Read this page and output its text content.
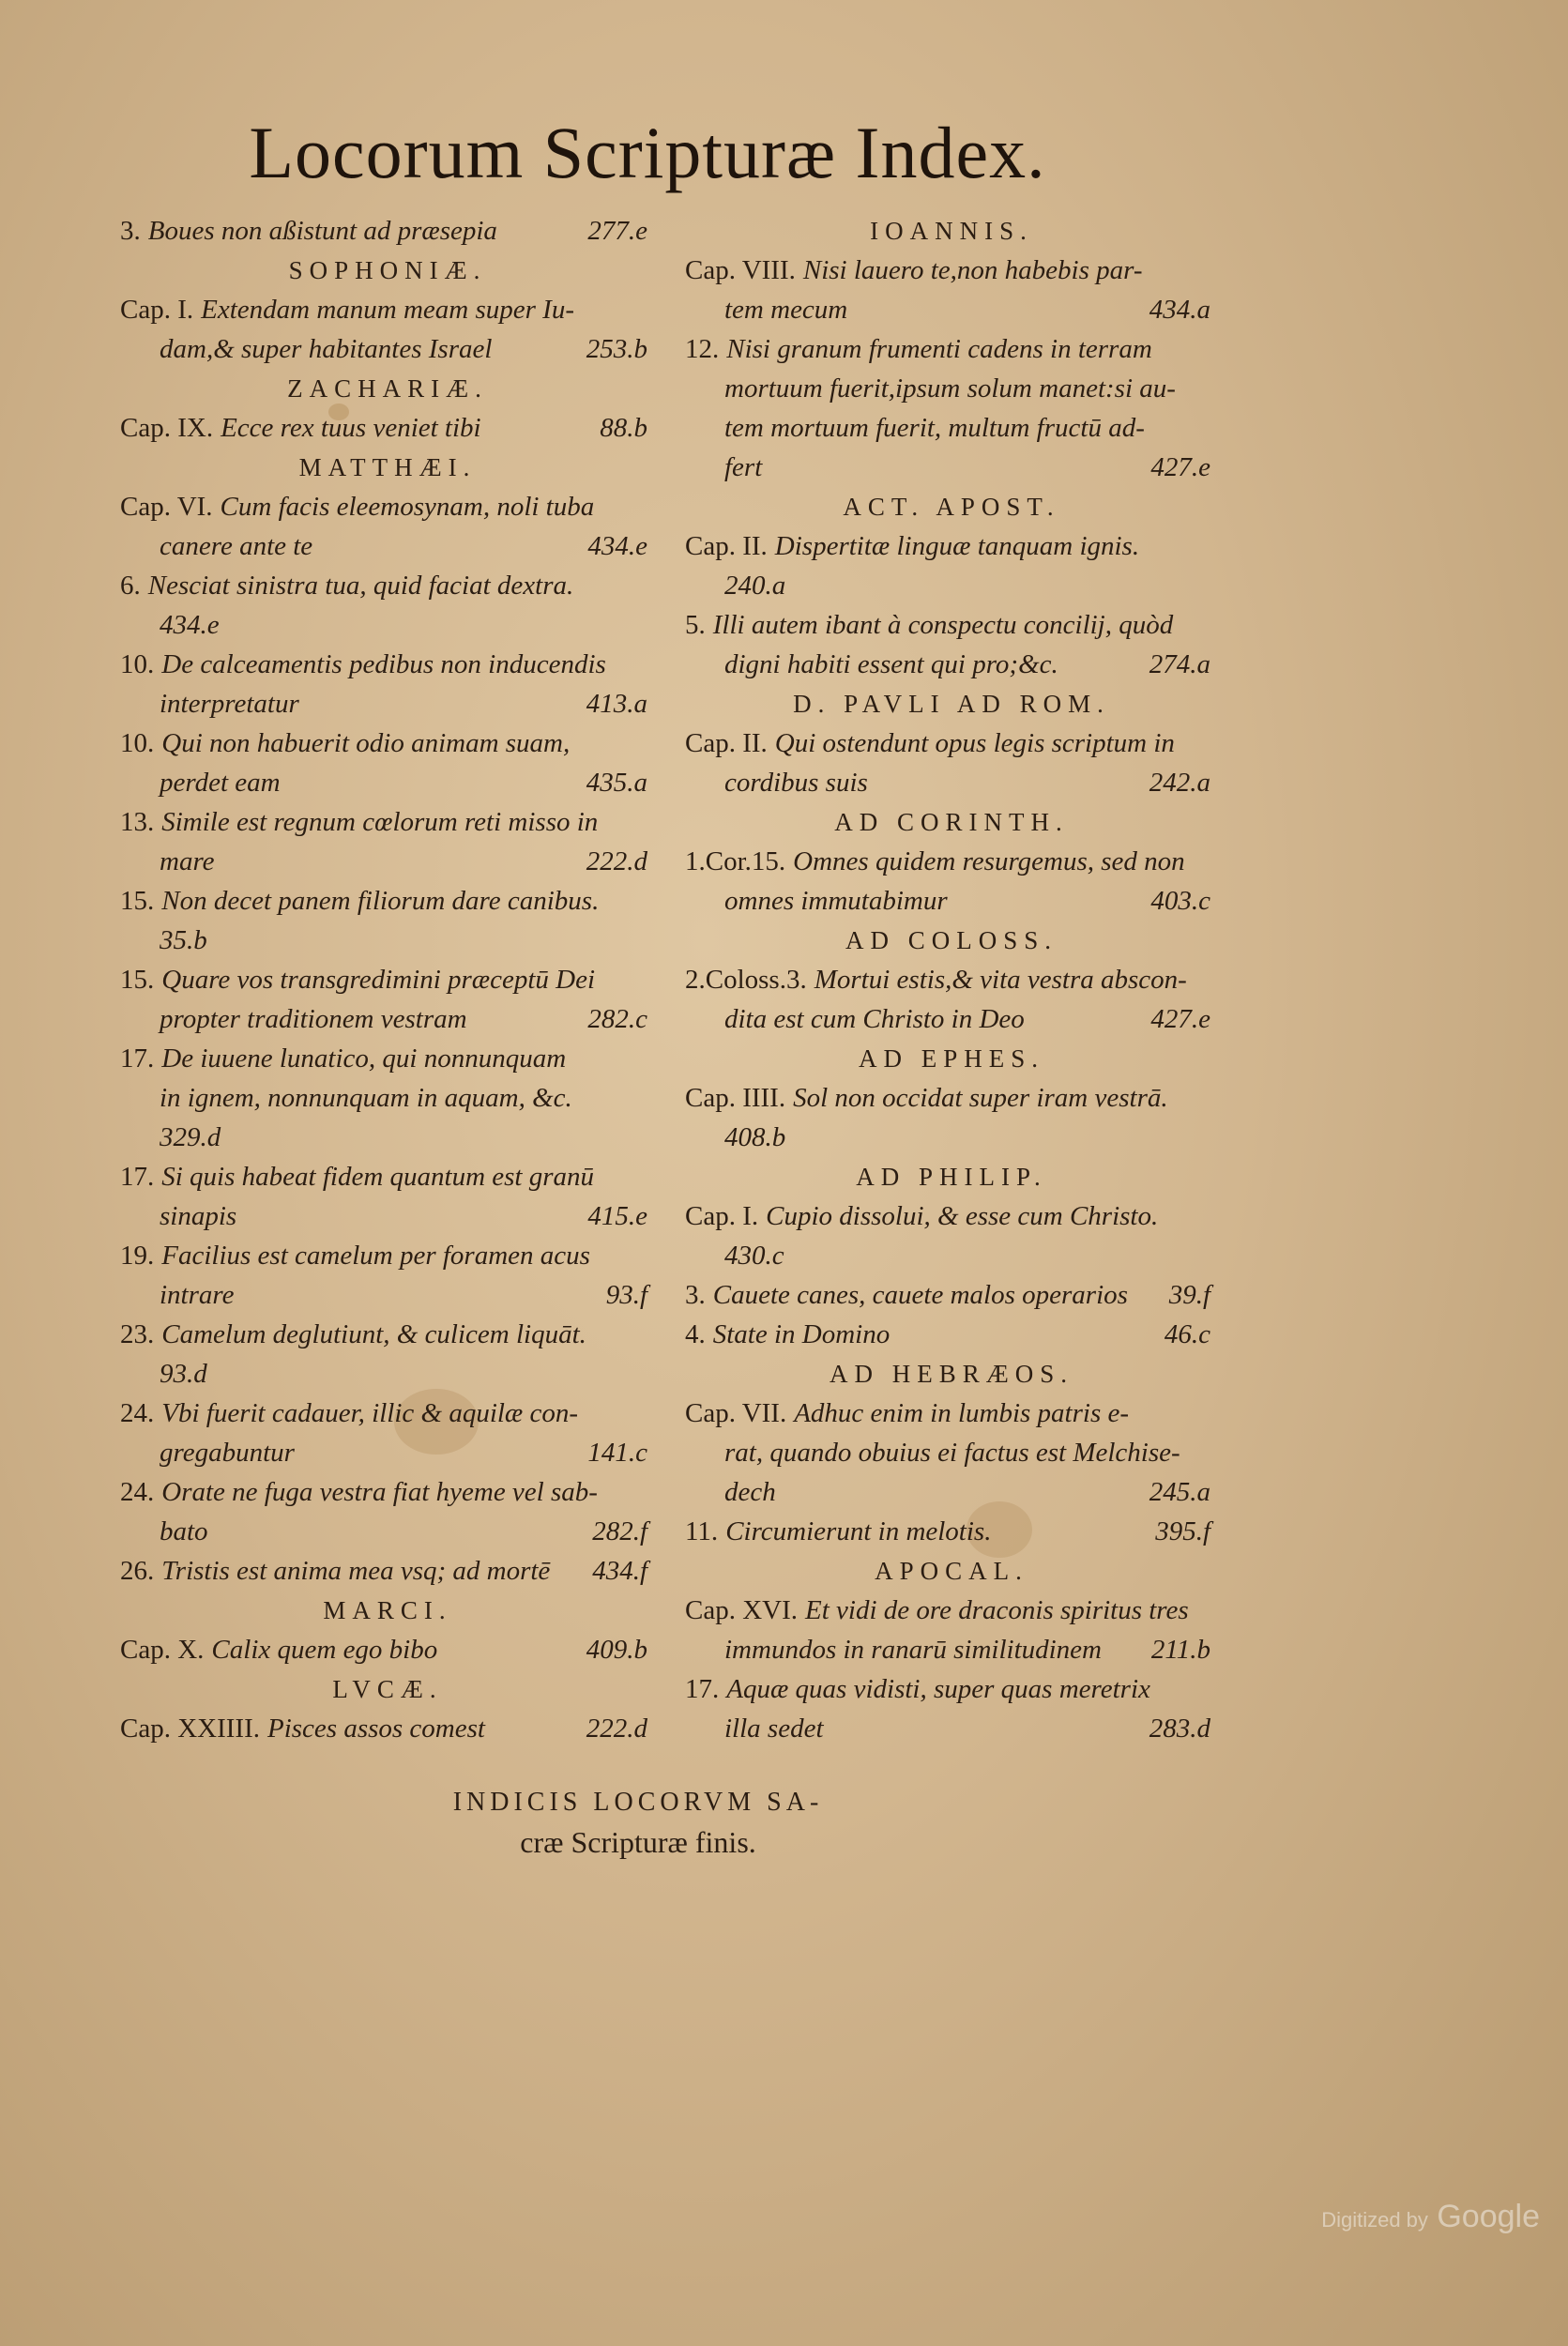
Locorum Scripturæ Index.
3. Boues non aßistunt ad præsepia	277.e
SOPHONIÆ.
Cap. I. Extendam manum meam super Iu-
dam,& super habitantes Israel	253.b
ZACHARIÆ.
Cap. IX. Ecce rex tuus veniet tibi	88.b
MATTHÆI.
Cap. VI. Cum facis eleemosynam, noli tuba
canere ante te	434.e
6. Nesciat sinistra tua, quid faciat dextra.
434.e
10. De calceamentis pedibus non inducendis
interpretatur	413.a
10. Qui non habuerit odio animam suam,
perdet eam	435.a
13. Simile est regnum cœlorum reti misso in
mare	222.d
15. Non decet panem filiorum dare canibus.
35.b
15. Quare vos transgredimini præceptū Dei
propter traditionem vestram	282.c
17. De iuuene lunatico, qui nonnunquam
in ignem, nonnunquam in aquam, &c.
329.d
17. Si quis habeat fidem quantum est granū
sinapis	415.e
19. Facilius est camelum per foramen acus
intrare	93.f
23. Camelum deglutiunt, & culicem liquāt.
93.d
24. Vbi fuerit cadauer, illic & aquilæ con-
gregabuntur	141.c
24. Orate ne fuga vestra fiat hyeme vel sab-
bato	282.f
26. Tristis est anima mea vsq; ad mortē	434.f
MARCI.
Cap. X. Calix quem ego bibo	409.b
LVCÆ.
Cap. XXIIII. Pisces assos comest	222.d
IOANNIS.
Cap. VIII. Nisi lauero te,non habebis par-
tem mecum	434.a
12. Nisi granum frumenti cadens in terram
mortuum fuerit,ipsum solum manet:si au-
tem mortuum fuerit, multum fructū ad-
fert	427.e
ACT. APOST.
Cap. II. Dispertitæ linguæ tanquam ignis.
240.a
5. Illi autem ibant à conspectu concilij, quòd
digni habiti essent qui pro;&c.	274.a
D. PAVLI AD ROM.
Cap. II. Qui ostendunt opus legis scriptum in
cordibus suis	242.a
AD CORINTH.
1.Cor.15. Omnes quidem resurgemus, sed non
omnes immutabimur	403.c
AD COLOSS.
2.Coloss.3. Mortui estis,& vita vestra abscon-
dita est cum Christo in Deo	427.e
AD EPHES.
Cap. IIII. Sol non occidat super iram vestrā.
408.b
AD PHILIP.
Cap. I. Cupio dissolui, & esse cum Christo.
430.c
3. Cauete canes, cauete malos operarios	39.f
4. State in Domino	46.c
AD HEBRÆOS.
Cap. VII. Adhuc enim in lumbis patris e-
rat, quando obuius ei factus est Melchise-
dech	245.a
11. Circumierunt in melotis.	395.f
APOCAL.
Cap. XVI. Et vidi de ore draconis spiritus tres
immundos in ranarū similitudinem	211.b
17. Aquæ quas vidisti, super quas meretrix
illa sedet	283.d
INDICIS LOCORVM SA-
cræ Scripturæ finis.
Digitized by Google
